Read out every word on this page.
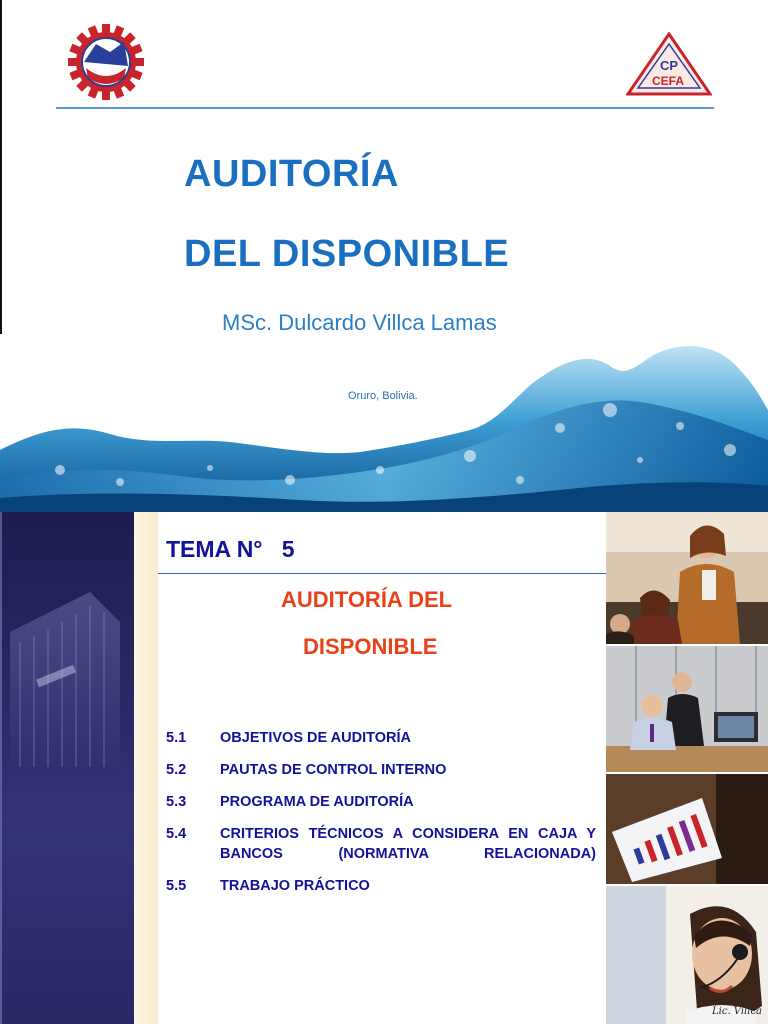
CP
CEFA
AUDITORÍA
DEL DISPONIBLE
MSc. Dulcardo Villca Lamas
Oruro, Bolivia.
TEMA N° 5
AUDITORÍA DEL
DISPONIBLE
5.1	OBJETIVOS DE AUDITORÍA
5.2	PAUTAS DE CONTROL INTERNO
5.3	PROGRAMA DE AUDITORÍA
5.4	CRITERIOS TÉCNICOS A CONSIDERA EN CAJA Y BANCOS (NORMATIVA RELACIONADA)
5.5	TRABAJO PRÁCTICO
Lic. Villca
